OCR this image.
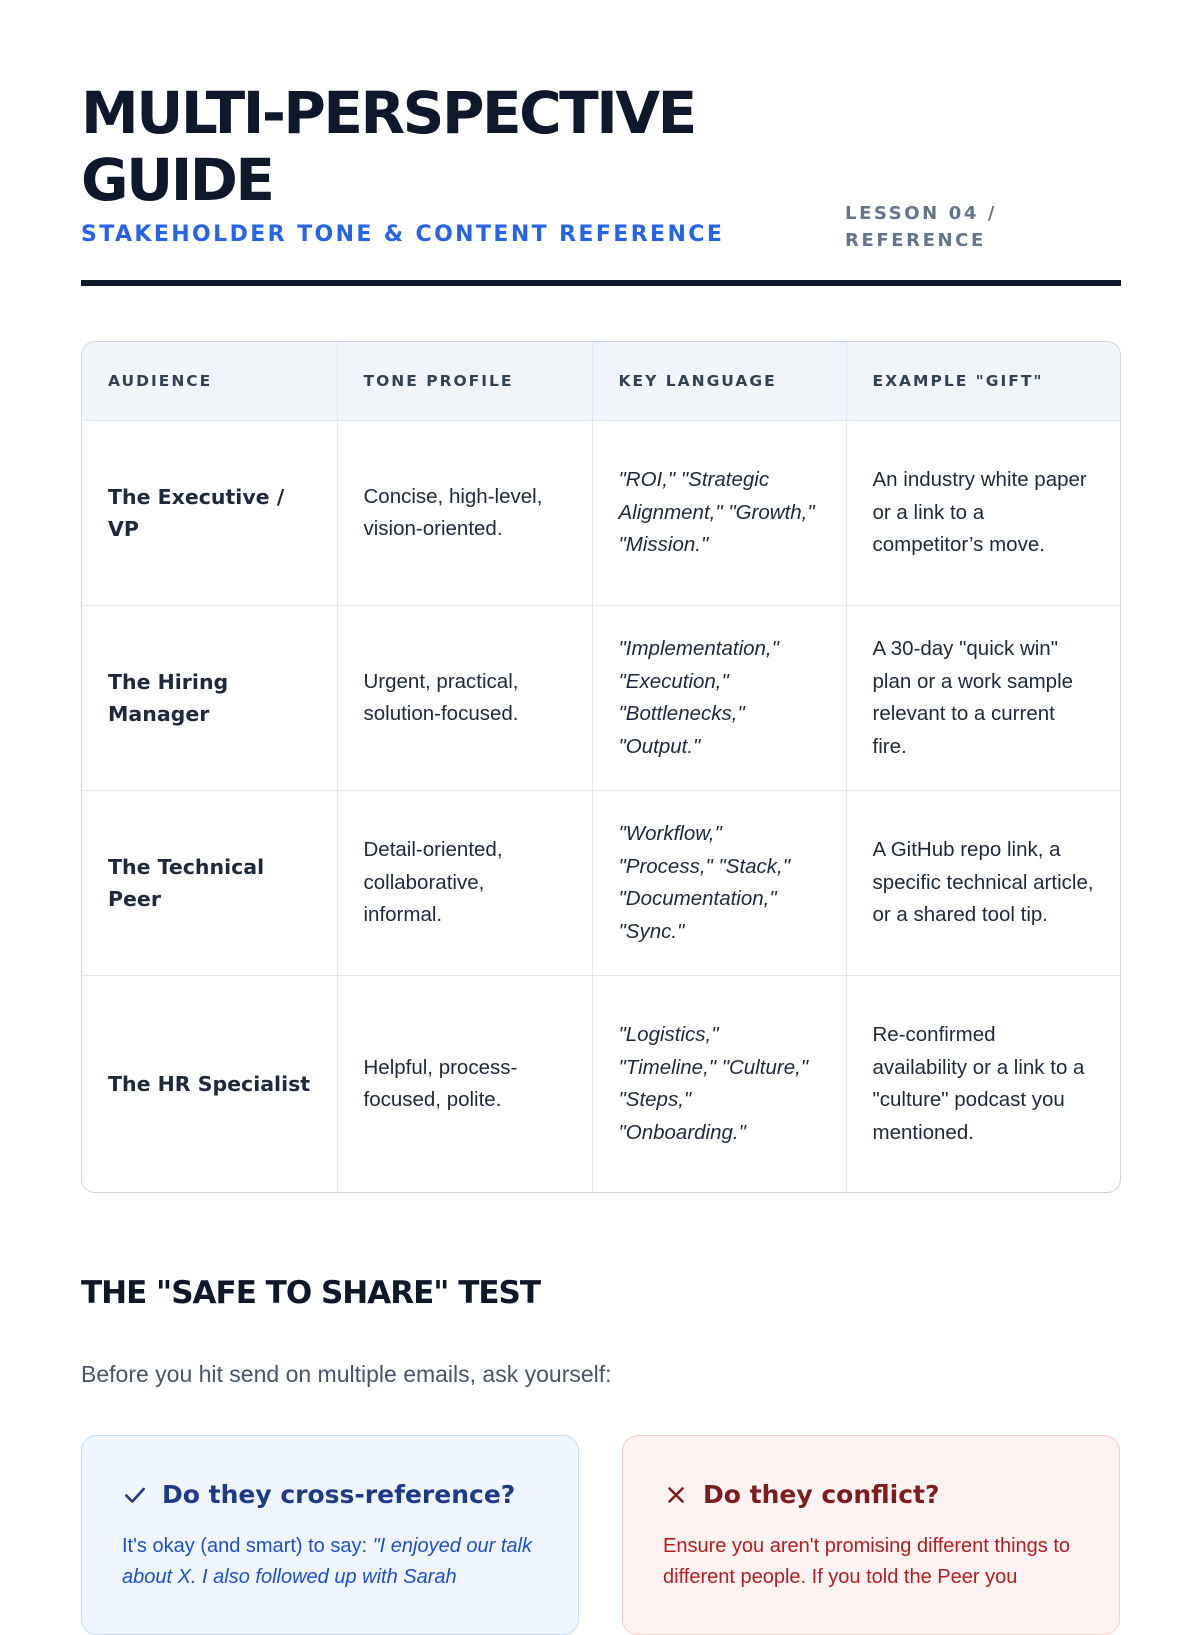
MULTI-PERSPECTIVE GUIDE
STAKEHOLDER TONE & CONTENT REFERENCE
LESSON 04 / REFERENCE
AUDIENCE	TONE PROFILE	KEY LANGUAGE	EXAMPLE "GIFT"
The Executive / VP	Concise, high-level, vision-oriented.	"ROI," "Strategic Alignment," "Growth," "Mission."	An industry white paper or a link to a competitor’s move.
The Hiring Manager	Urgent, practical, solution-focused.	"Implementation," "Execution," "Bottlenecks," "Output."	A 30-day "quick win" plan or a work sample relevant to a current fire.
The Technical Peer	Detail-oriented, collaborative, informal.	"Workflow," "Process," "Stack," "Documentation," "Sync."	A GitHub repo link, a specific technical article, or a shared tool tip.
The HR Specialist	Helpful, process-focused, polite.	"Logistics," "Timeline," "Culture," "Steps," "Onboarding."	Re-confirmed availability or a link to a "culture" podcast you mentioned.
THE "SAFE TO SHARE" TEST

Before you hit send on multiple emails, ask yourself:

Do they cross-reference?
It's okay (and smart) to say: "I enjoyed our talk about X. I also followed up with Sarah
Do they conflict?
Ensure you aren't promising different things to different people. If you told the Peer you
